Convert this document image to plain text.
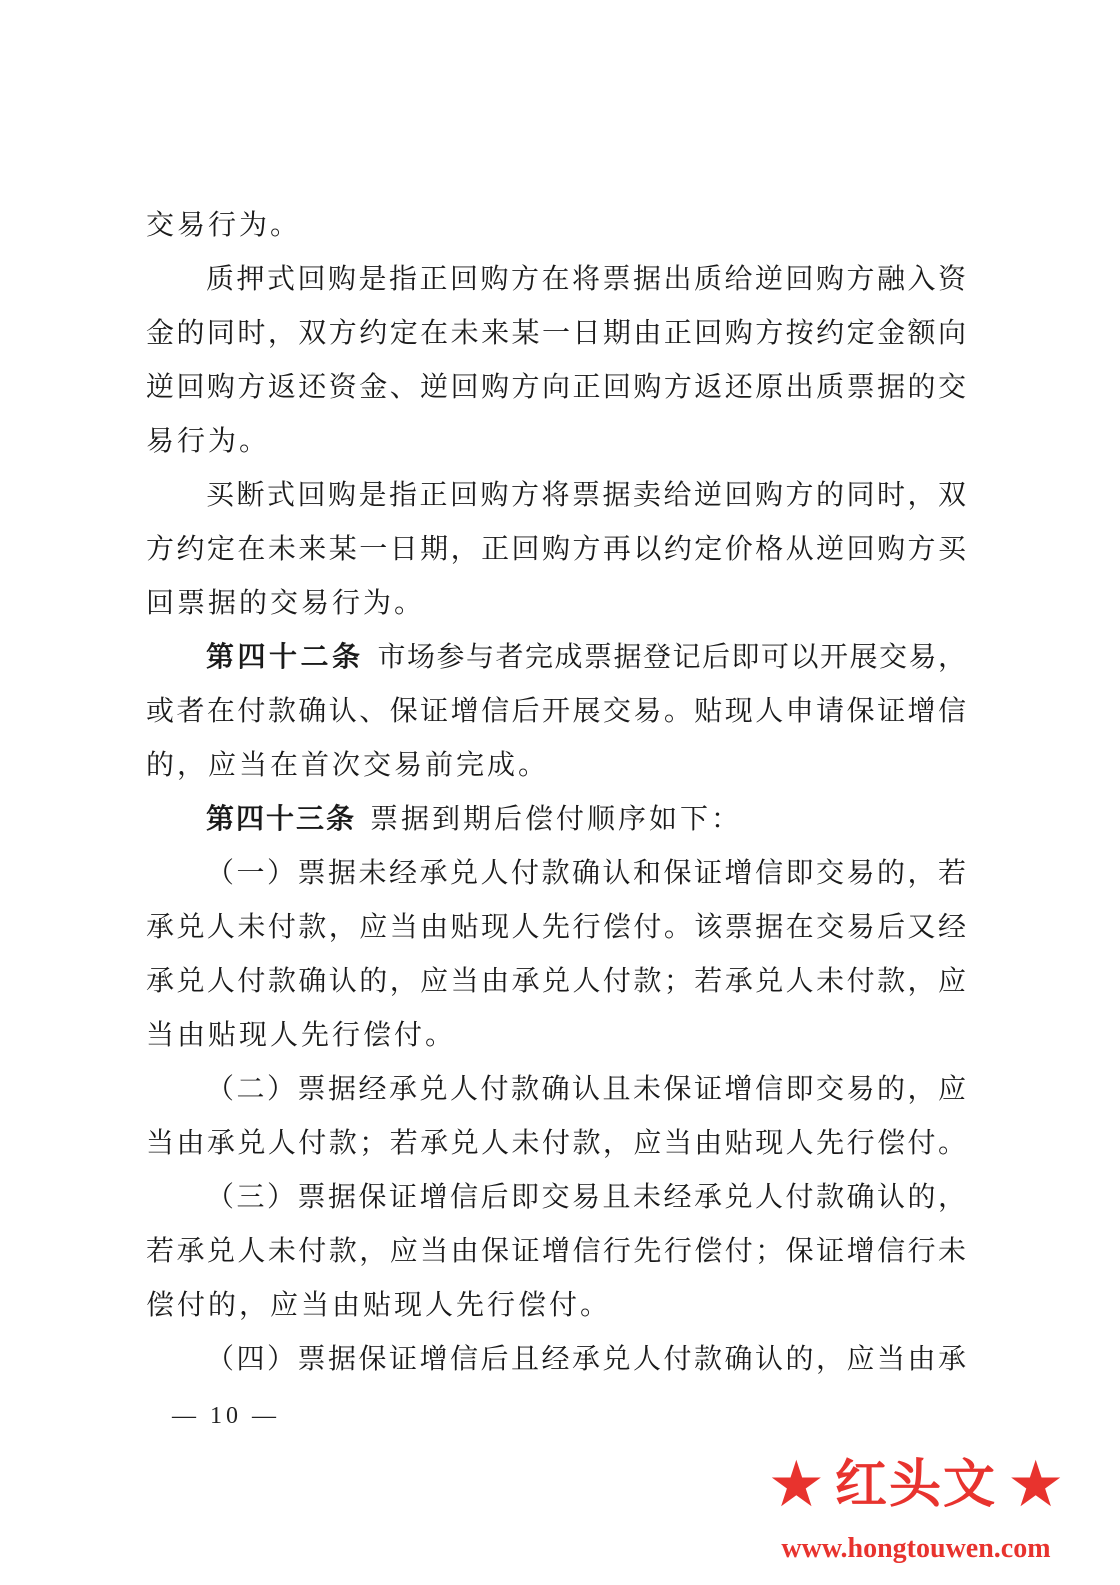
交易行为。
质押式回购是指正回购方在将票据出质给逆回购方融入资
金的同时，双方约定在未来某一日期由正回购方按约定金额向
逆回购方返还资金、逆回购方向正回购方返还原出质票据的交
易行为。
买断式回购是指正回购方将票据卖给逆回购方的同时，双
方约定在未来某一日期，正回购方再以约定价格从逆回购方买
回票据的交易行为。
第四十二条 市场参与者完成票据登记后即可以开展交易，
或者在付款确认、保证增信后开展交易。贴现人申请保证增信
的，应当在首次交易前完成。
第四十三条 票据到期后偿付顺序如下：
（一）票据未经承兑人付款确认和保证增信即交易的，若
承兑人未付款，应当由贴现人先行偿付。该票据在交易后又经
承兑人付款确认的，应当由承兑人付款；若承兑人未付款，应
当由贴现人先行偿付。
（二）票据经承兑人付款确认且未保证增信即交易的，应
当由承兑人付款；若承兑人未付款，应当由贴现人先行偿付。
（三）票据保证增信后即交易且未经承兑人付款确认的，
若承兑人未付款，应当由保证增信行先行偿付；保证增信行未
偿付的，应当由贴现人先行偿付。
（四）票据保证增信后且经承兑人付款确认的，应当由承
— 10 —
★ 红头文 ★
www.hongtouwen.com
